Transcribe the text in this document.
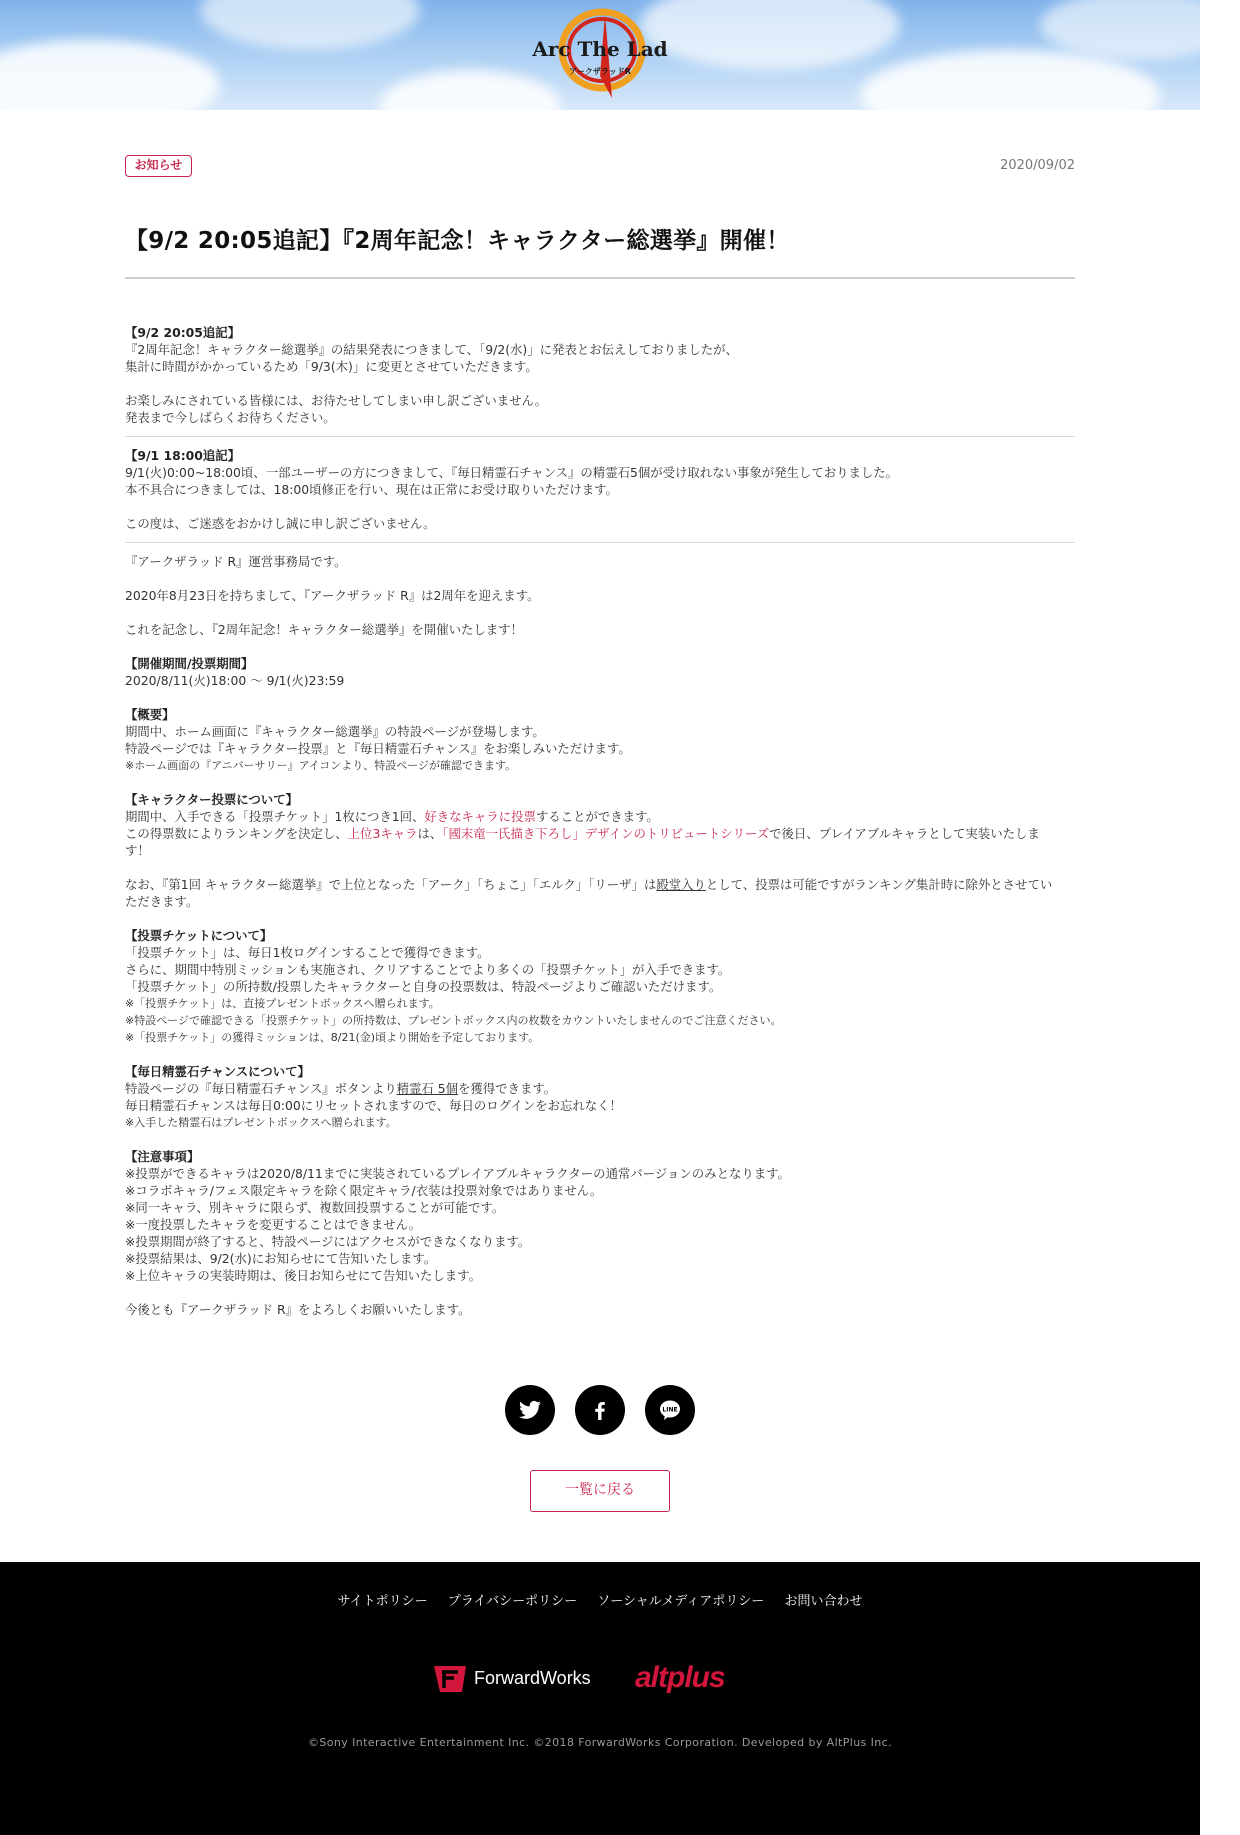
Arc The Lad
アークザラッドR
お知らせ	2020/09/02
【9/2 20:05追記】『2周年記念！キャラクター総選挙』開催！

【9/2 20:05追記】

『2周年記念！キャラクター総選挙』の結果発表につきまして、「9/2(水)」に発表とお伝えしておりましたが、

集計に時間がかかっているため「9/3(木)」に変更とさせていただきます。

お楽しみにされている皆様には、お待たせしてしまい申し訳ございません。

発表まで今しばらくお待ちください。

【9/1 18:00追記】

9/1(火)0:00~18:00頃、一部ユーザーの方につきまして、『毎日精霊石チャンス』の精霊石5個が受け取れない事象が発生しておりました。

本不具合につきましては、18:00頃修正を行い、現在は正常にお受け取りいただけます。

この度は、ご迷惑をおかけし誠に申し訳ございません。

『アークザラッド R』運営事務局です。

2020年8月23日を持ちまして、『アークザラッド R』は2周年を迎えます。

これを記念し、『2周年記念！キャラクター総選挙』を開催いたします！

【開催期間/投票期間】

2020/8/11(火)18:00 ～ 9/1(火)23:59

【概要】

期間中、ホーム画面に『キャラクター総選挙』の特設ページが登場します。

特設ページでは『キャラクター投票』と『毎日精霊石チャンス』をお楽しみいただけます。

※ホーム画面の『アニバーサリー』アイコンより、特設ページが確認できます。

【キャラクター投票について】

期間中、入手できる「投票チケット」1枚につき1回、好きなキャラに投票することができます。

この得票数によりランキングを決定し、上位3キャラは、「國末竜一氏描き下ろし」デザインのトリビュートシリーズで後日、プレイアブルキャラとして実装いたしま

す！

なお、『第1回 キャラクター総選挙』で上位となった「アーク」「ちょこ」「エルク」「リーザ」は殿堂入りとして、投票は可能ですがランキング集計時に除外とさせてい

ただきます。

【投票チケットについて】

「投票チケット」は、毎日1枚ログインすることで獲得できます。

さらに、期間中特別ミッションも実施され、クリアすることでより多くの「投票チケット」が入手できます。

「投票チケット」の所持数/投票したキャラクターと自身の投票数は、特設ページよりご確認いただけます。

※「投票チケット」は、直接プレゼントボックスへ贈られます。

※特設ページで確認できる「投票チケット」の所持数は、プレゼントボックス内の枚数をカウントいたしませんのでご注意ください。

※「投票チケット」の獲得ミッションは、8/21(金)頃より開始を予定しております。

【毎日精霊石チャンスについて】

特設ページの『毎日精霊石チャンス』ボタンより精霊石 5個を獲得できます。

毎日精霊石チャンスは毎日0:00にリセットされますので、毎日のログインをお忘れなく！

※入手した精霊石はプレゼントボックスへ贈られます。

【注意事項】

※投票ができるキャラは2020/8/11までに実装されているプレイアブルキャラクターの通常バージョンのみとなります。

※コラボキャラ/フェス限定キャラを除く限定キャラ/衣装は投票対象ではありません。

※同一キャラ、別キャラに限らず、複数回投票することが可能です。

※一度投票したキャラを変更することはできません。

※投票期間が終了すると、特設ページにはアクセスができなくなります。

※投票結果は、9/2(水)にお知らせにて告知いたします。

※上位キャラの実装時期は、後日お知らせにて告知いたします。

今後とも『アークザラッド R』をよろしくお願いいたします。

LINE
一覧に戻る
サイトポリシー プライバシーポリシー ソーシャルメディアポリシー お問い合わせ
ForwardWorks altplus
©Sony Interactive Entertainment Inc. ©2018 ForwardWorks Corporation. Developed by AltPlus Inc.
